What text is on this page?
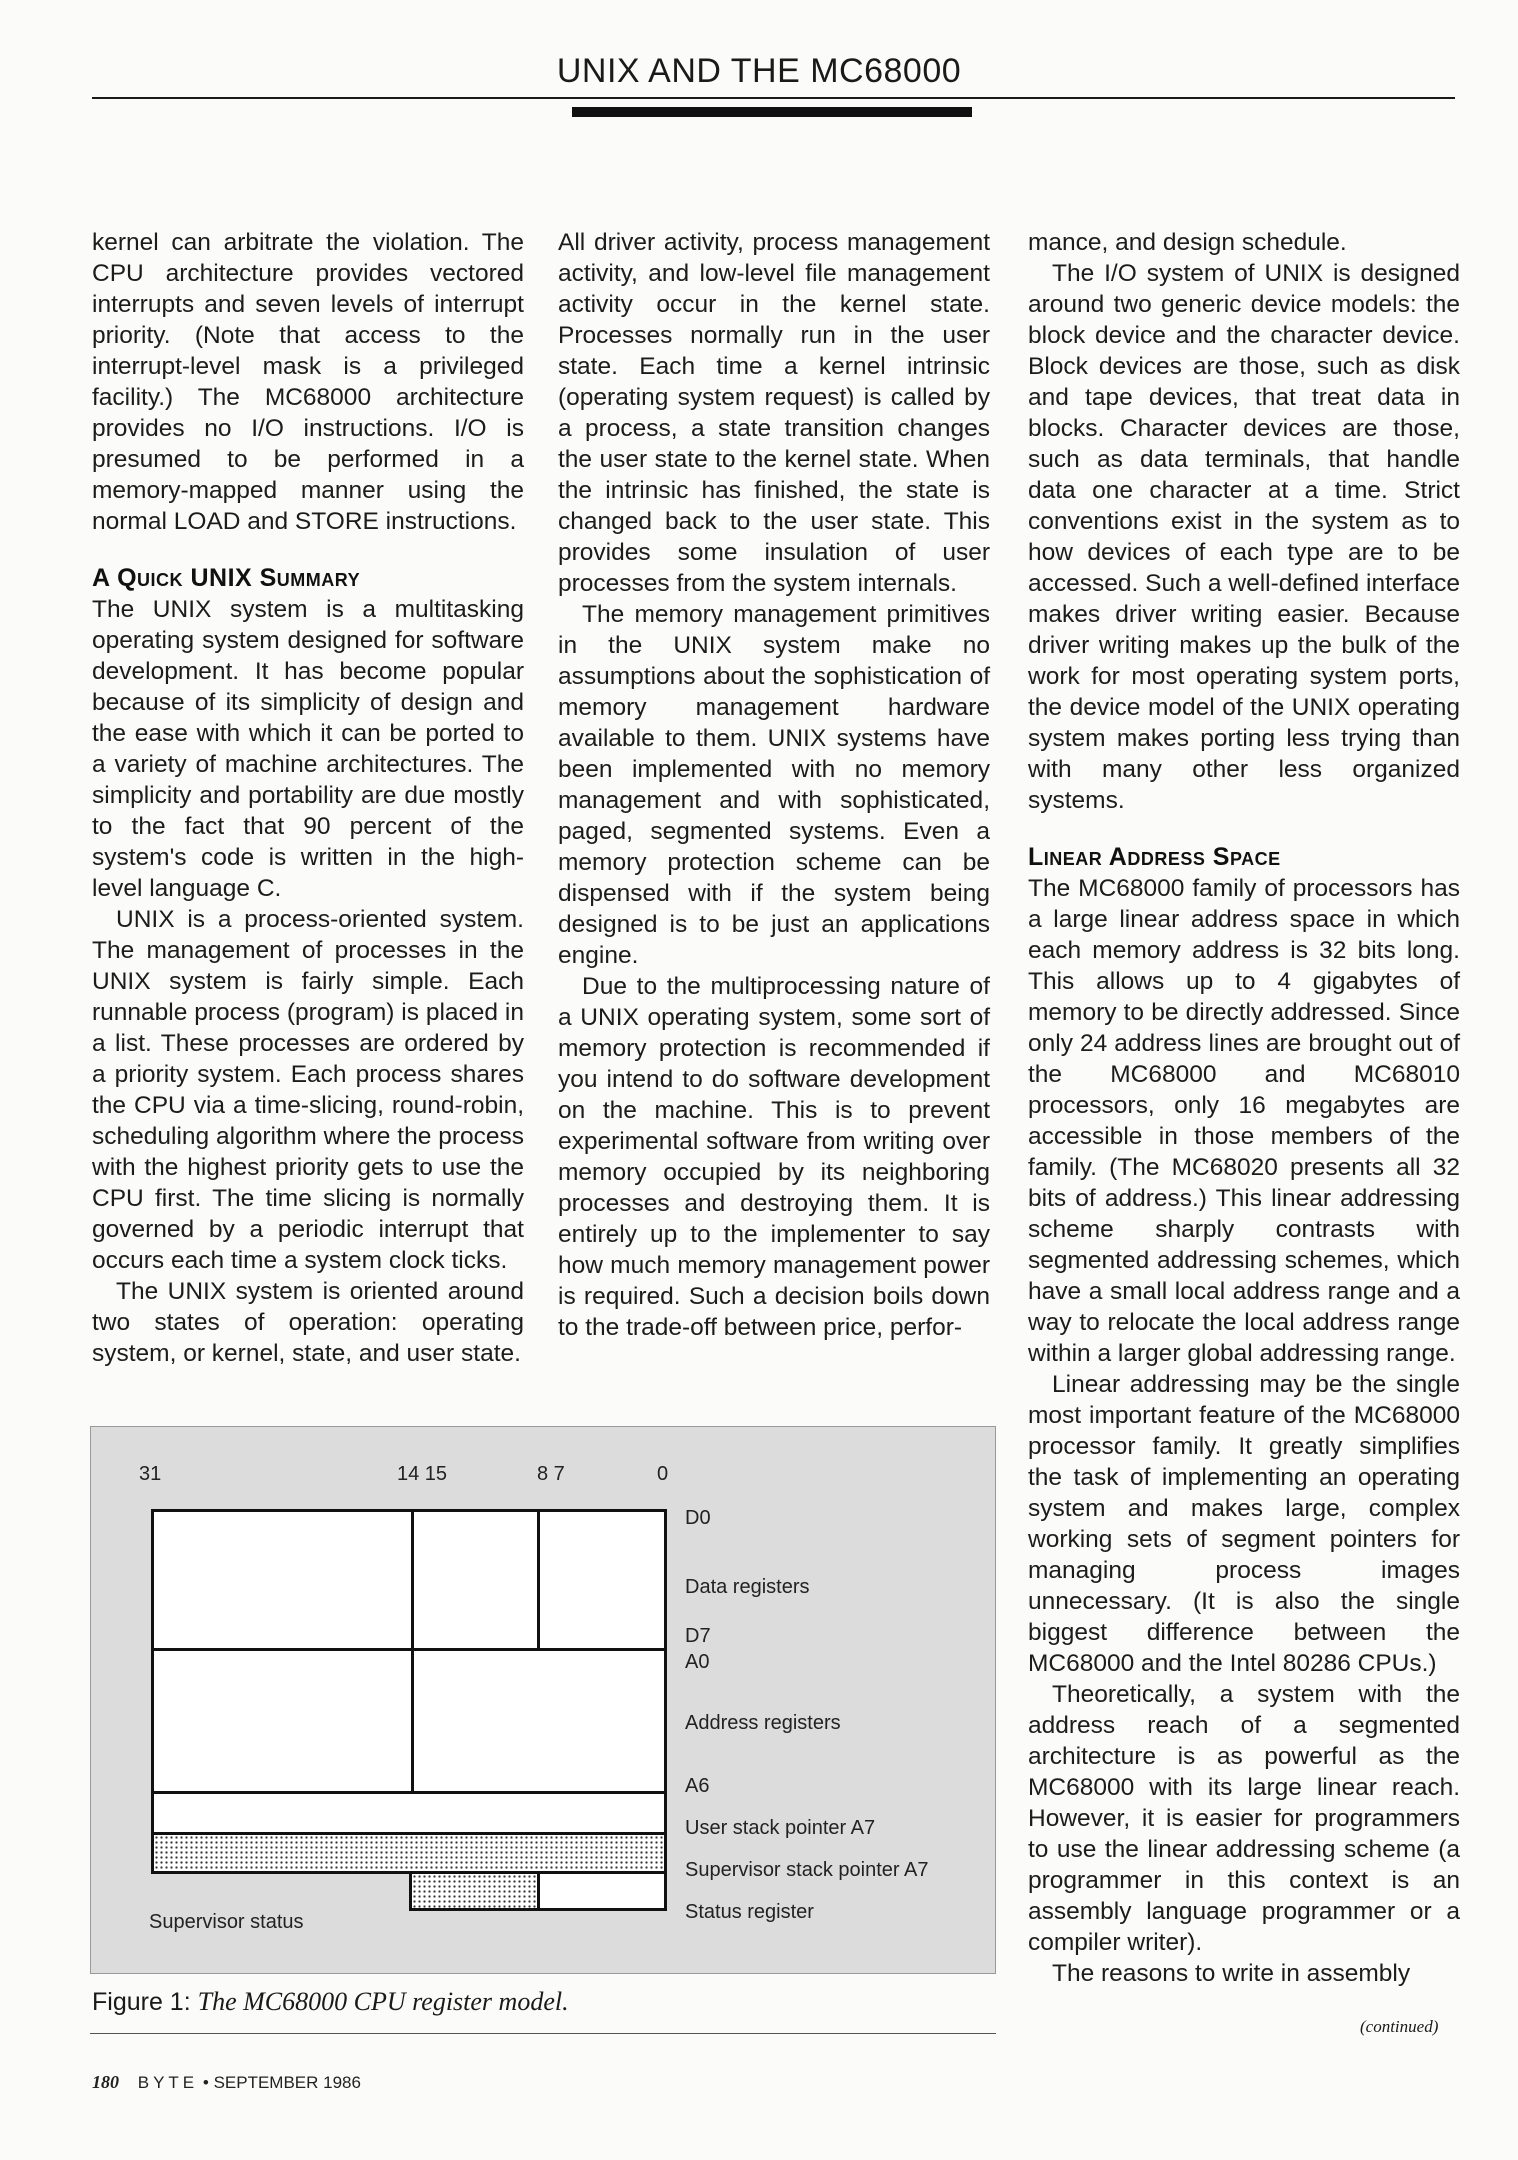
UNIX AND THE MC68000

kernel can arbitrate the violation. The CPU architecture provides vectored interrupts and seven levels of interrupt priority. (Note that access to the interrupt-level mask is a privileged facility.) The MC68000 architecture provides no I/O instructions. I/O is presumed to be performed in a memory-mapped manner using the normal LOAD and STORE instructions.

A Quick UNIX Summary

The UNIX system is a multitasking operating system designed for software development. It has become popular because of its simplicity of design and the ease with which it can be ported to a variety of machine architectures. The simplicity and portability are due mostly to the fact that 90 percent of the system's code is written in the high-level language C.

UNIX is a process-oriented system. The management of processes in the UNIX system is fairly simple. Each runnable process (program) is placed in a list. These processes are ordered by a priority system. Each process shares the CPU via a time-slicing, round-robin, scheduling algorithm where the process with the highest priority gets to use the CPU first. The time slicing is normally governed by a periodic interrupt that occurs each time a system clock ticks.

The UNIX system is oriented around two states of operation: operating system, or kernel, state, and user state.

All driver activity, process management activity, and low-level file management activity occur in the kernel state. Processes normally run in the user state. Each time a kernel intrinsic (operating system request) is called by a process, a state transition changes the user state to the kernel state. When the intrinsic has finished, the state is changed back to the user state. This provides some insulation of user processes from the system internals.

The memory management primitives in the UNIX system make no assumptions about the sophistication of memory management hardware available to them. UNIX systems have been implemented with no memory management and with sophisticated, paged, segmented systems. Even a memory protection scheme can be dispensed with if the system being designed is to be just an applications engine.

Due to the multiprocessing nature of a UNIX operating system, some sort of memory protection is recommended if you intend to do software development on the machine. This is to prevent experimental software from writing over memory occupied by its neighboring processes and destroying them. It is entirely up to the implementer to say how much memory management power is required. Such a decision boils down to the trade-off between price, perfor-

mance, and design schedule.

The I/O system of UNIX is designed around two generic device models: the block device and the character device. Block devices are those, such as disk and tape devices, that treat data in blocks. Character devices are those, such as data terminals, that handle data one character at a time. Strict conventions exist in the system as to how devices of each type are to be accessed. Such a well-defined interface makes driver writing easier. Because driver writing makes up the bulk of the work for most operating system ports, the device model of the UNIX operating system makes porting less trying than with many other less organized systems.

Linear Address Space

The MC68000 family of processors has a large linear address space in which each memory address is 32 bits long. This allows up to 4 gigabytes of memory to be directly addressed. Since only 24 address lines are brought out of the MC68000 and MC68010 processors, only 16 megabytes are accessible in those members of the family. (The MC68020 presents all 32 bits of address.) This linear addressing scheme sharply contrasts with segmented addressing schemes, which have a small local address range and a way to relocate the local address range within a larger global addressing range.

Linear addressing may be the single most important feature of the MC68000 processor family. It greatly simplifies the task of implementing an operating system and makes large, complex working sets of segment pointers for managing process images unnecessary. (It is also the single biggest difference between the MC68000 and the Intel 80286 CPUs.)

Theoretically, a system with the address reach of a segmented architecture is as powerful as the MC68000 with its large linear reach. However, it is easier for programmers to use the linear addressing scheme (a programmer in this context is an assembly language programmer or a compiler writer).

The reasons to write in assembly

31	14 15	8 7	0
D0
Data registers
D7
A0
Address registers
A6
User stack pointer A7
Supervisor stack pointer A7
Status register
Supervisor status
Figure 1: The MC68000 CPU register model.
(continued)
180 BYTE • SEPTEMBER 1986
